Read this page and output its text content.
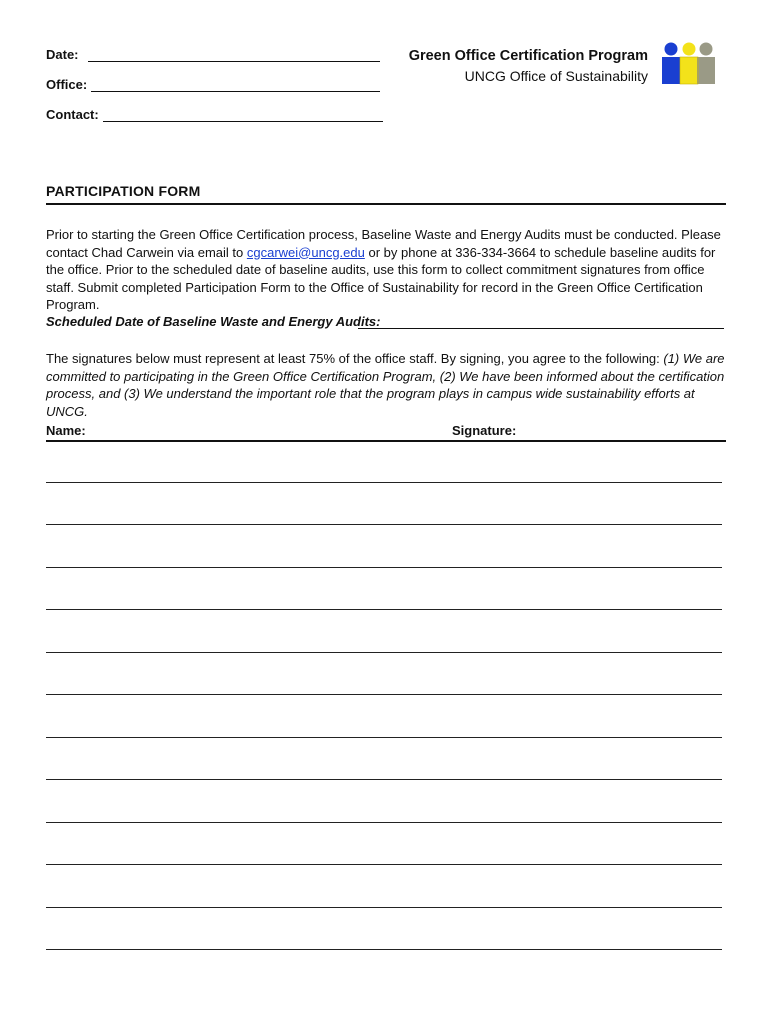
Date:
Office:
Contact:
Green Office Certification Program
UNCG Office of Sustainability
PARTICIPATION FORM
Prior to starting the Green Office Certification process, Baseline Waste and Energy Audits must be conducted. Please contact Chad Carwein via email to cgcarwei@uncg.edu or by phone at 336-334-3664 to schedule baseline audits for the office. Prior to the scheduled date of baseline audits, use this form to collect commitment signatures from office staff. Submit completed Participation Form to the Office of Sustainability for record in the Green Office Certification Program.
Scheduled Date of Baseline Waste and Energy Audits:
The signatures below must represent at least 75% of the office staff. By signing, you agree to the following: (1) We are committed to participating in the Green Office Certification Program, (2) We have been informed about the certification process, and (3) We understand the important role that the program plays in campus wide sustainability efforts at UNCG.
Name:	Signature:
